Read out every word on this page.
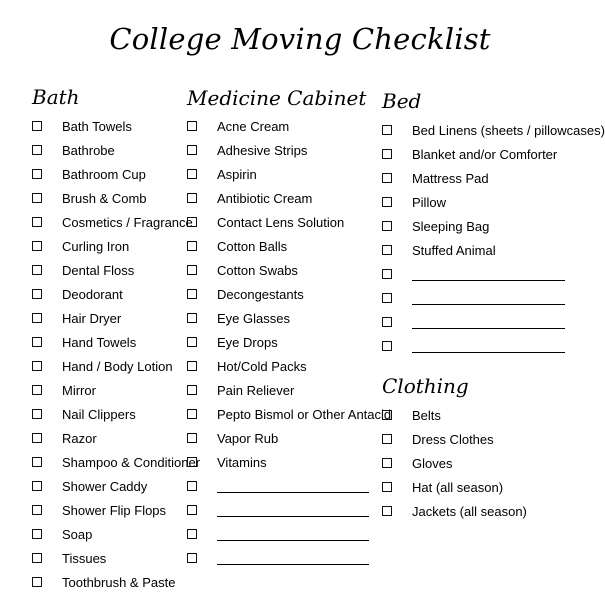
College Moving Checklist
Bath	Medicine Cabinet Bed
Clothing
Bath Towels
Bathrobe
Bathroom Cup
Brush & Comb
Cosmetics / Fragrance
Curling Iron
Dental Floss
Deodorant
Hair Dryer
Hand Towels
Hand / Body Lotion
Mirror
Nail Clippers
Razor
Shampoo & Conditioner
Shower Caddy
Shower Flip Flops
Soap
Tissues
Toothbrush & Paste
Acne Cream
Adhesive Strips
Aspirin
Antibiotic Cream
Contact Lens Solution
Cotton Balls
Cotton Swabs
Decongestants
Eye Glasses
Eye Drops
Hot/Cold Packs
Pain Reliever
Pepto Bismol or Other Antacid
Vapor Rub
Vitamins
Bed Linens (sheets / pillowcases)
Blanket and/or Comforter
Mattress Pad
Pillow
Sleeping Bag
Stuffed Animal
Belts
Dress Clothes
Gloves
Hat (all season)
Jackets (all season)
